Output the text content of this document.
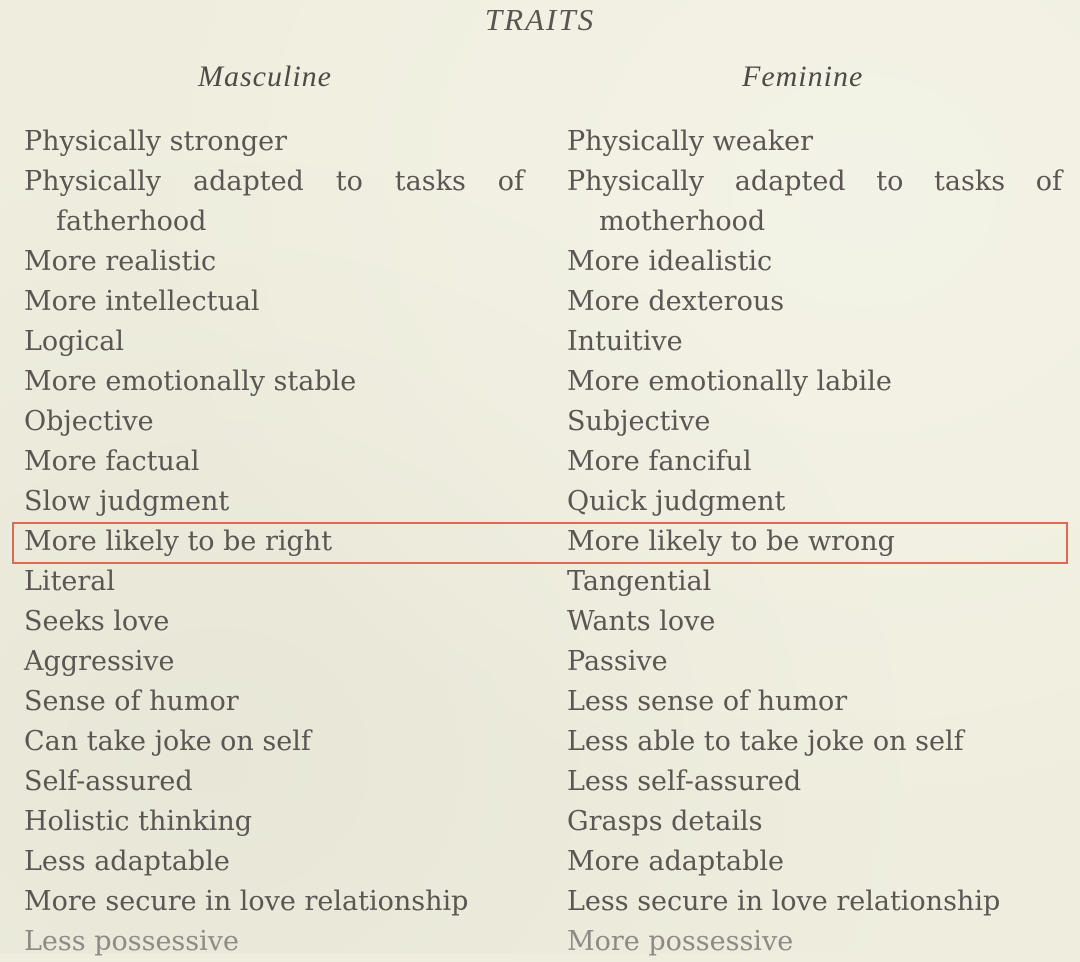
TRAITS
Masculine	Feminine
Physically stronger
Physically adapted to tasks of
fatherhood
More realistic
More intellectual
Logical
More emotionally stable
Objective
More factual
Slow judgment
More likely to be right
Literal
Seeks love
Aggressive
Sense of humor
Can take joke on self
Self-assured
Holistic thinking
Less adaptable
More secure in love relationship
Less possessive
Physically weaker
Physically adapted to tasks of
motherhood
More idealistic
More dexterous
Intuitive
More emotionally labile
Subjective
More fanciful
Quick judgment
More likely to be wrong
Tangential
Wants love
Passive
Less sense of humor
Less able to take joke on self
Less self-assured
Grasps details
More adaptable
Less secure in love relationship
More possessive
